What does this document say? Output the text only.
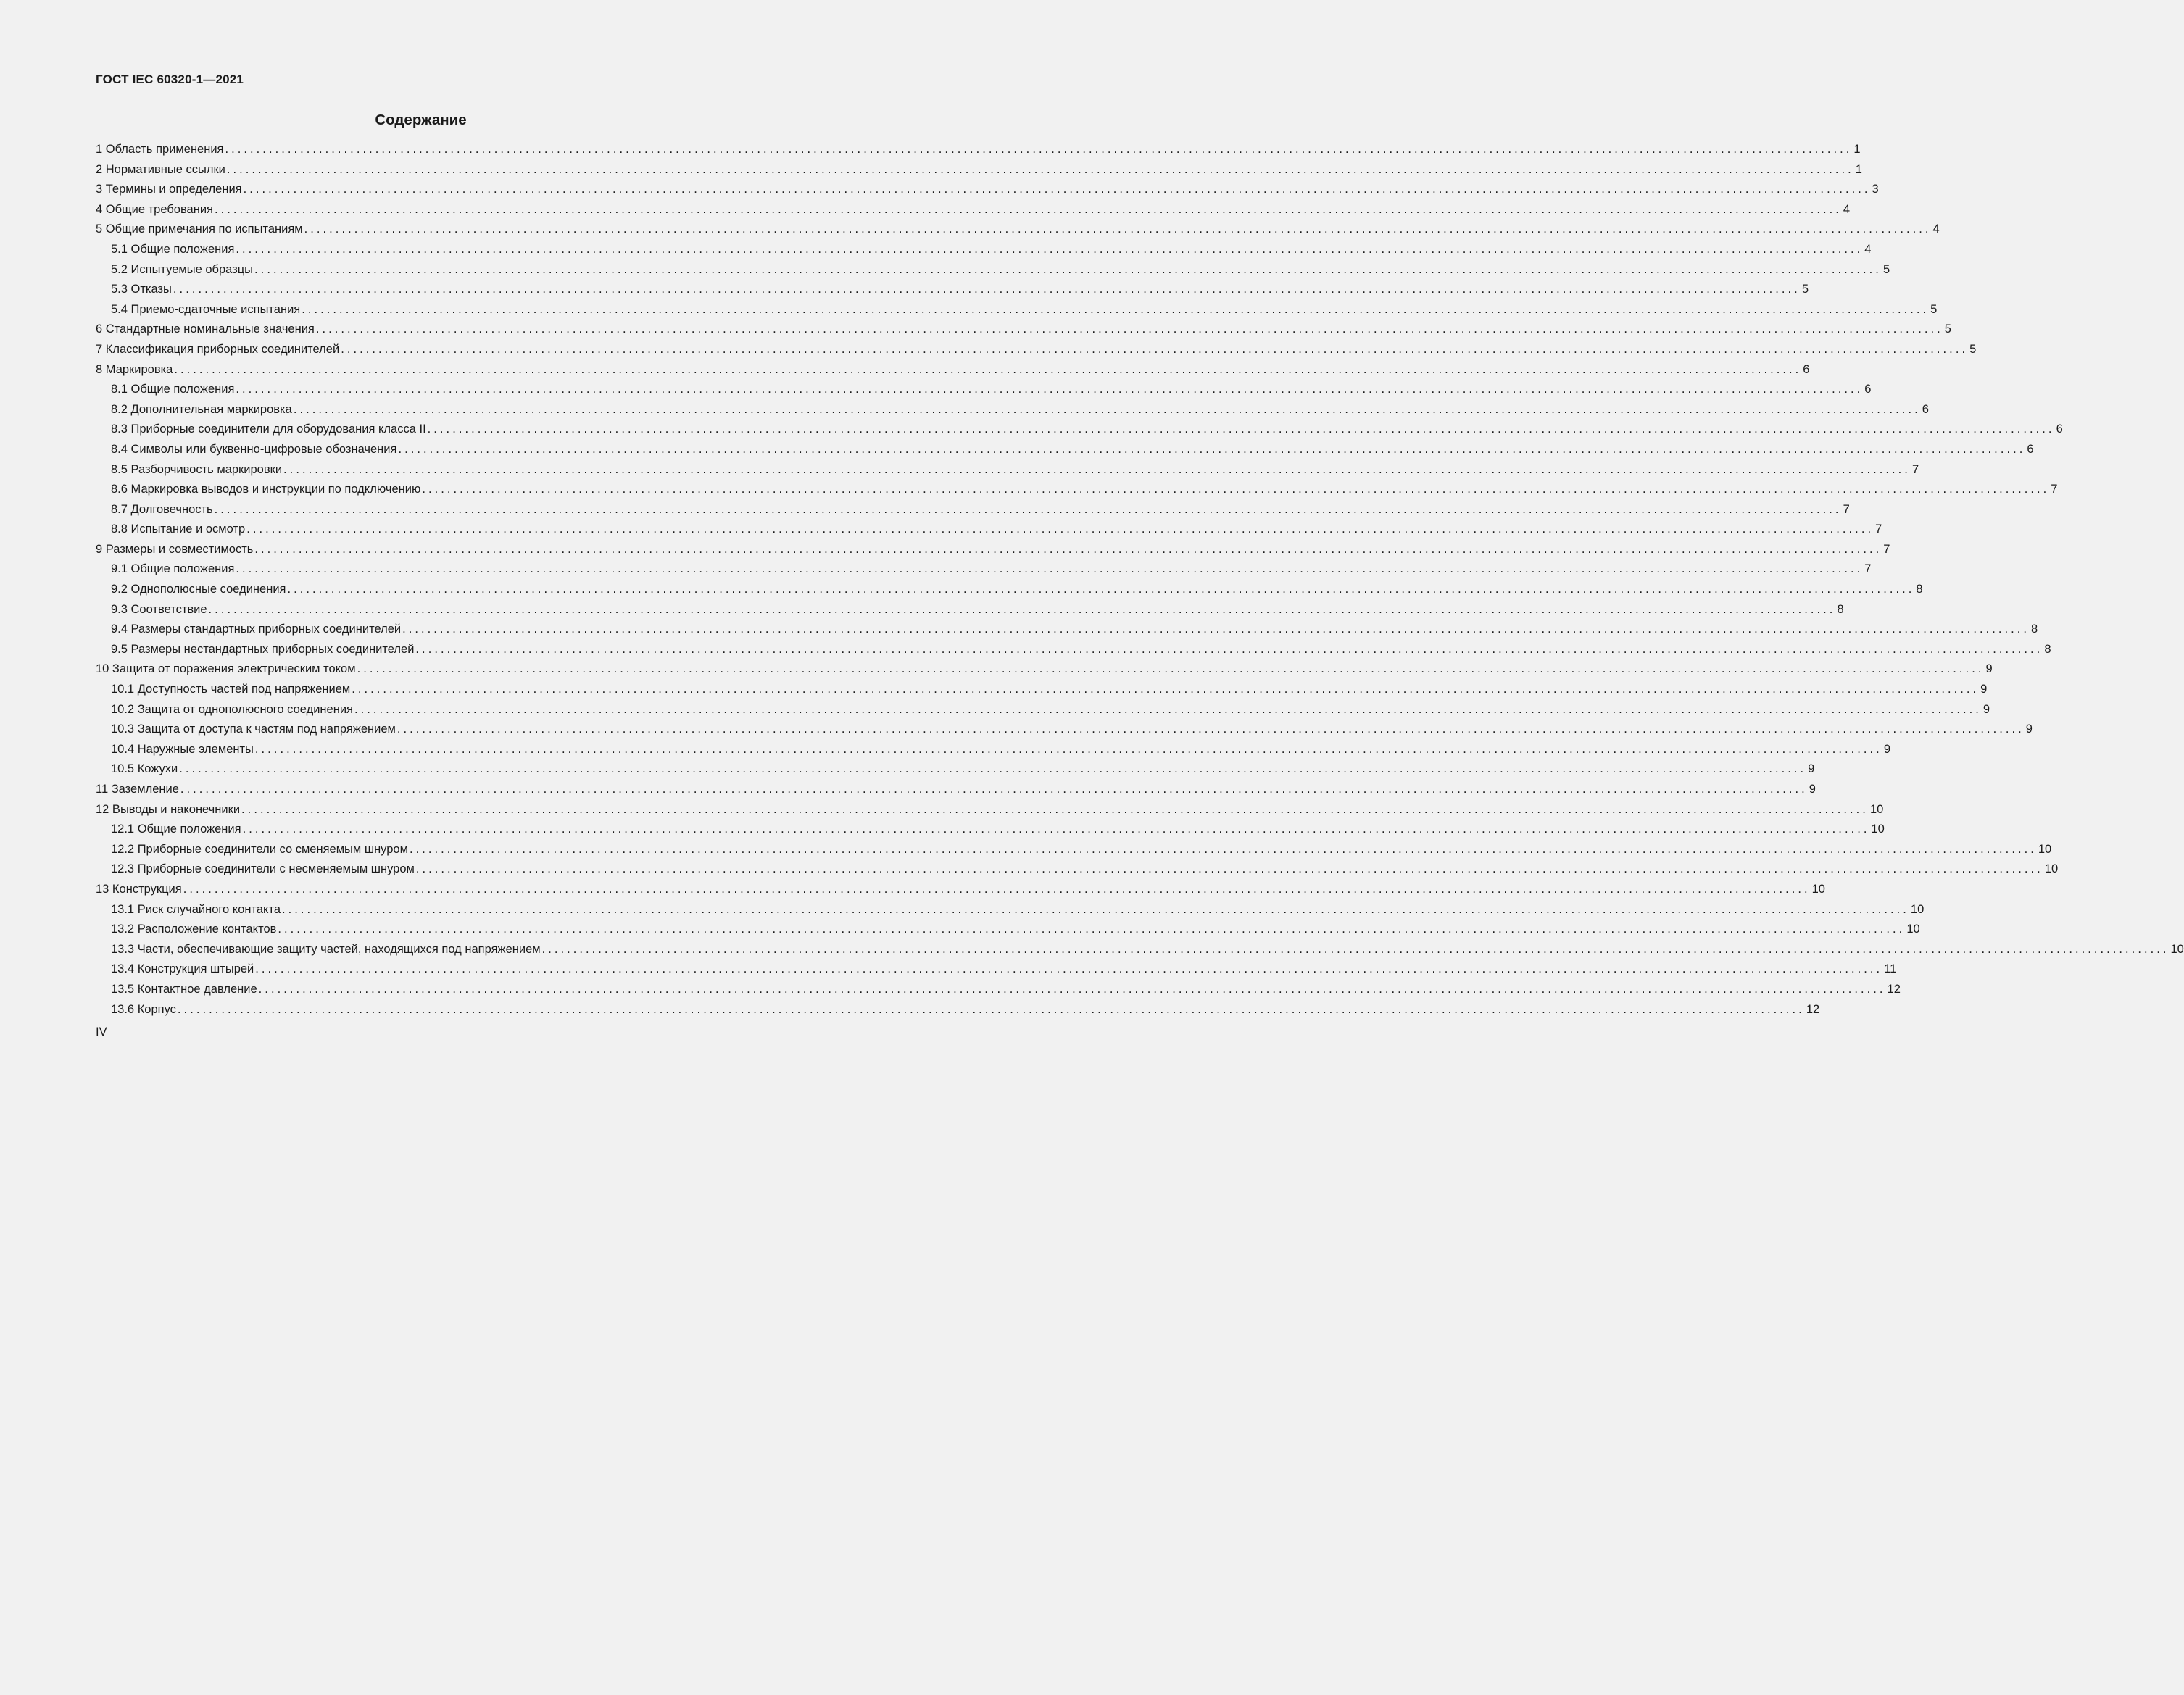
ГОСТ IEC 60320-1—2021
Содержание
1 Область применения .................................................................................................................................................................................................................................................................... 1
2 Нормативные ссылки .................................................................................................................................................................................................................................................................... 1
3 Термины и определения .................................................................................................................................................................................................................................................................... 3
4 Общие требования .................................................................................................................................................................................................................................................................... 4
5 Общие примечания по испытаниям .................................................................................................................................................................................................................................................................... 4
5.1 Общие положения .................................................................................................................................................................................................................................................................... 4
5.2 Испытуемые образцы .................................................................................................................................................................................................................................................................... 5
5.3 Отказы .................................................................................................................................................................................................................................................................... 5
5.4 Приемо-сдаточные испытания .................................................................................................................................................................................................................................................................... 5
6 Стандартные номинальные значения .................................................................................................................................................................................................................................................................... 5
7 Классификация приборных соединителей .................................................................................................................................................................................................................................................................... 5
8 Маркировка .................................................................................................................................................................................................................................................................... 6
8.1 Общие положения .................................................................................................................................................................................................................................................................... 6
8.2 Дополнительная маркировка .................................................................................................................................................................................................................................................................... 6
8.3 Приборные соединители для оборудования класса II .................................................................................................................................................................................................................................................................... 6
8.4 Символы или буквенно-цифровые обозначения .................................................................................................................................................................................................................................................................... 6
8.5 Разборчивость маркировки .................................................................................................................................................................................................................................................................... 7
8.6 Маркировка выводов и инструкции по подключению .................................................................................................................................................................................................................................................................... 7
8.7 Долговечность .................................................................................................................................................................................................................................................................... 7
8.8 Испытание и осмотр .................................................................................................................................................................................................................................................................... 7
9 Размеры и совместимость .................................................................................................................................................................................................................................................................... 7
9.1 Общие положения .................................................................................................................................................................................................................................................................... 7
9.2 Однополюсные соединения .................................................................................................................................................................................................................................................................... 8
9.3 Соответствие .................................................................................................................................................................................................................................................................... 8
9.4 Размеры стандартных приборных соединителей .................................................................................................................................................................................................................................................................... 8
9.5 Размеры нестандартных приборных соединителей .................................................................................................................................................................................................................................................................... 8
10 Защита от поражения электрическим током .................................................................................................................................................................................................................................................................... 9
10.1 Доступность частей под напряжением .................................................................................................................................................................................................................................................................... 9
10.2 Защита от однополюсного соединения .................................................................................................................................................................................................................................................................... 9
10.3 Защита от доступа к частям под напряжением .................................................................................................................................................................................................................................................................... 9
10.4 Наружные элементы .................................................................................................................................................................................................................................................................... 9
10.5 Кожухи .................................................................................................................................................................................................................................................................... 9
11 Заземление .................................................................................................................................................................................................................................................................... 9
12 Выводы и наконечники .................................................................................................................................................................................................................................................................... 10
12.1 Общие положения .................................................................................................................................................................................................................................................................... 10
12.2 Приборные соединители со сменяемым шнуром .................................................................................................................................................................................................................................................................... 10
12.3 Приборные соединители с несменяемым шнуром .................................................................................................................................................................................................................................................................... 10
13 Конструкция .................................................................................................................................................................................................................................................................... 10
13.1 Риск случайного контакта .................................................................................................................................................................................................................................................................... 10
13.2 Расположение контактов .................................................................................................................................................................................................................................................................... 10
13.3 Части, обеспечивающие защиту частей, находящихся под напряжением .................................................................................................................................................................................................................................................................... 10
13.4 Конструкция штырей .................................................................................................................................................................................................................................................................... 11
13.5 Контактное давление .................................................................................................................................................................................................................................................................... 12
13.6 Корпус .................................................................................................................................................................................................................................................................... 12
IV
